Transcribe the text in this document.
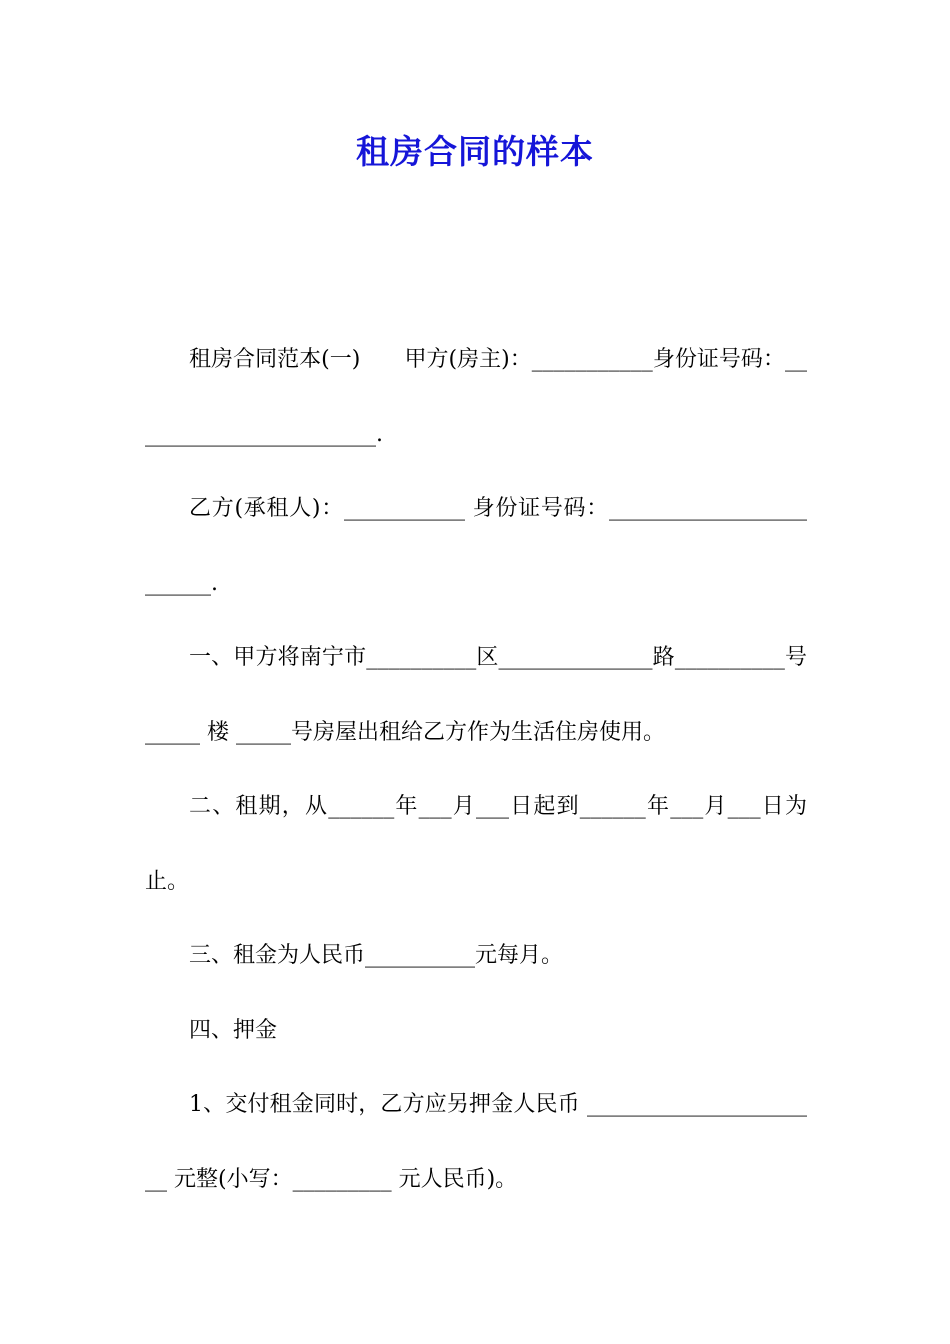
租房合同的样本

租房合同范本(一)　　甲方(房主)：___________身份证号码：_______________________.

乙方(承租人)：___________ 身份证号码：________________________.

一、甲方将南宁市__________区______________路__________号 _____ 楼 _____号房屋出租给乙方作为生活住房使用。

二、租期，从______年___月___日起到______年___月___日为止。

三、租金为人民币__________元每月。

四、押金

1、交付租金同时，乙方应另押金人民币 ______________________ 元整(小写：_________ 元人民币)。
